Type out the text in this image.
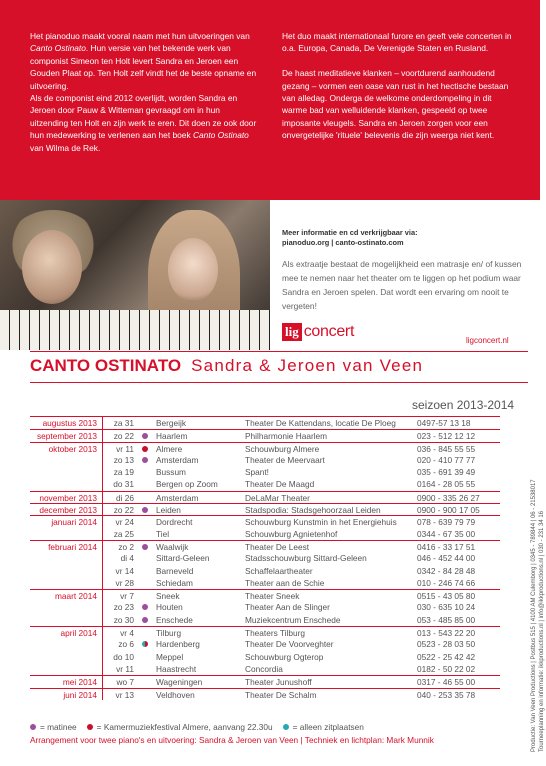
Het pianoduo maakt vooral naam met hun uitvoeringen van Canto Ostinato. Hun versie van het bekende werk van componist Simeon ten Holt levert Sandra en Jeroen een Gouden Plaat op. Ten Holt zelf vindt het de beste opname en uitvoering.
Als de componist eind 2012 overlijdt, worden Sandra en Jeroen door Pauw & Witteman gevraagd om in hun uitzending ten Holt en zijn werk te eren. Dit doen ze ook door hun medewerking te verlenen aan het boek Canto Ostinato van Wilma de Rek.

Het duo maakt internationaal furore en geeft vele concerten in o.a. Europa, Canada, De Verenigde Staten en Rusland.

De haast meditatieve klanken – voortdurend aanhoudend gezang – vormen een oase van rust in het hectische bestaan van alledag. Onderga de welkome onderdompeling in dit warme bad van welluidende klanken, gespeeld op twee imposante vleugels. Sandra en Jeroen zorgen voor een onvergetelijke 'rituele' belevenis die zijn weerga niet kent.

Meer informatie en cd verkrijgbaar via:
pianoduo.org | canto-ostinato.com
Als extraatje bestaat de mogelijkheid een matrasje en/ of kussen mee te nemen naar het theater om te liggen op het podium waar Sandra en Jeroen spelen. Dat wordt een ervaring om nooit te vergeten!
lig concert
ligconcert.nl
CANTO OSTINATO Sandra & Jeroen van Veen
seizoen 2013-2014
augustus 2013	za 31	Bergeijk	Theater De Kattendans, locatie De Ploeg	0497-57 13 18
september 2013	zo 22	Haarlem	Philharmonie Haarlem	023 - 512 12 12
oktober 2013	vr 11	Almere	Schouwburg Almere	036 - 845 55 55
zo 13	Amsterdam	Theater de Meervaart	020 - 410 77 77
za 19	Bussum	Spant!	035 - 691 39 49
do 31	Bergen op Zoom	Theater De Maagd	0164 - 28 05 55
november 2013	di 26	Amsterdam	DeLaMar Theater	0900 - 335 26 27
december 2013	zo 22	Leiden	Stadspodia: Stadsgehoorzaal Leiden	0900 - 900 17 05
januari 2014	vr 24	Dordrecht	Schouwburg Kunstmin in het Energiehuis 078 - 639 79 79
za 25	Tiel	Schouwburg Agnietenhof	0344 - 67 35 00
februari 2014	zo 2	Waalwijk	Theater De Leest	0416 - 33 17 51
di 4	Sittard-Geleen	Stadsschouwburg Sittard-Geleen	046 - 452 44 00
vr 14	Barneveld	Schaffelaartheater	0342 - 84 28 48
vr 28	Schiedam	Theater aan de Schie	010 - 246 74 66
maart 2014	vr 7	Sneek	Theater Sneek	0515 - 43 05 80
zo 23	Houten	Theater Aan de Slinger	030 - 635 10 24
zo 30	Enschede	Muziekcentrum Enschede	053 - 485 85 00
april 2014	vr 4	Tilburg	Theaters Tilburg	013 - 543 22 20
zo 6	Hardenberg	Theater De Voorveghter	0523 - 28 03 50
do 10	Meppel	Schouwburg Ogterop	0522 - 25 42 42
vr 11	Haastrecht	Concordia	0182 - 50 22 02
mei 2014	wo 7	Wageningen	Theater Junushoff	0317 - 46 55 00
juni 2014	vr 13	Veldhoven	Theater De Schalm	040 - 253 35 78
= matinee = Kamermuziekfestival Almere, aanvang 22.30u = alleen zitplaatsen
Arrangement voor twee piano's en uitvoering: Sandra & Jeroen van Veen | Techniek en lichtplan: Mark Munnik	Productie: Van Veen Productions | Postbus 515 | 4100 AM Culemborg | 0345 - 789844 | 06 - 21538017 Tourneeplanning en informatie: ikkproductions.nl | info@ikkproductions.nl | 030 - 231 34 16
